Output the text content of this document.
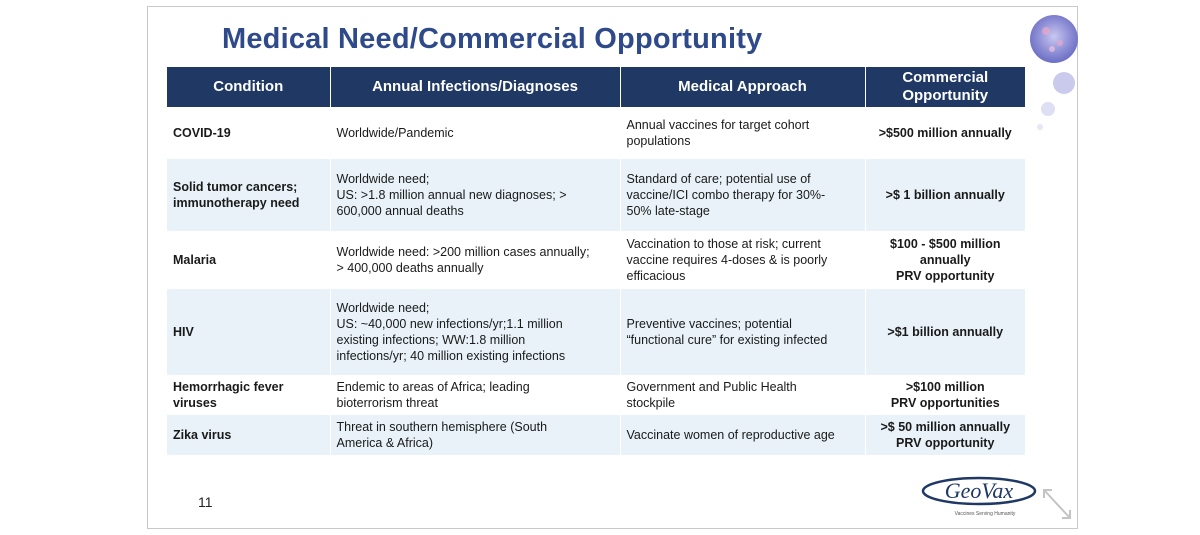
Medical Need/Commercial Opportunity
Condition	Annual Infections/Diagnoses	Medical Approach	Commercial Opportunity

COVID-19	Worldwide/Pandemic	Annual vaccines for target cohort
populations	>$500 million annually

Solid tumor cancers;
immunotherapy need	Worldwide need;
US: >1.8 million annual new diagnoses; >
600,000 annual deaths	Standard of care; potential use of
vaccine/ICI combo therapy for 30%-
50% late-stage	>$ 1 billion annually

Malaria	Worldwide need: >200 million cases annually;
> 400,000 deaths annually	Vaccination to those at risk; current
vaccine requires 4-doses & is poorly
efficacious	$100 - $500 million
annually
PRV opportunity

HIV	Worldwide need;
US: ~40,000 new infections/yr;1.1 million
existing infections; WW:1.8 million
infections/yr; 40 million existing infections	Preventive vaccines; potential
“functional cure” for existing infected	>$1 billion annually

Hemorrhagic fever
viruses	Endemic to areas of Africa; leading
bioterrorism threat	Government and Public Health
stockpile	>$100 million
PRV opportunities

Zika virus	Threat in southern hemisphere (South
America & Africa)	Vaccinate women of reproductive age	>$ 50 million annually
PRV opportunity
11	GeoVax
Vaccines Serving Humanity
